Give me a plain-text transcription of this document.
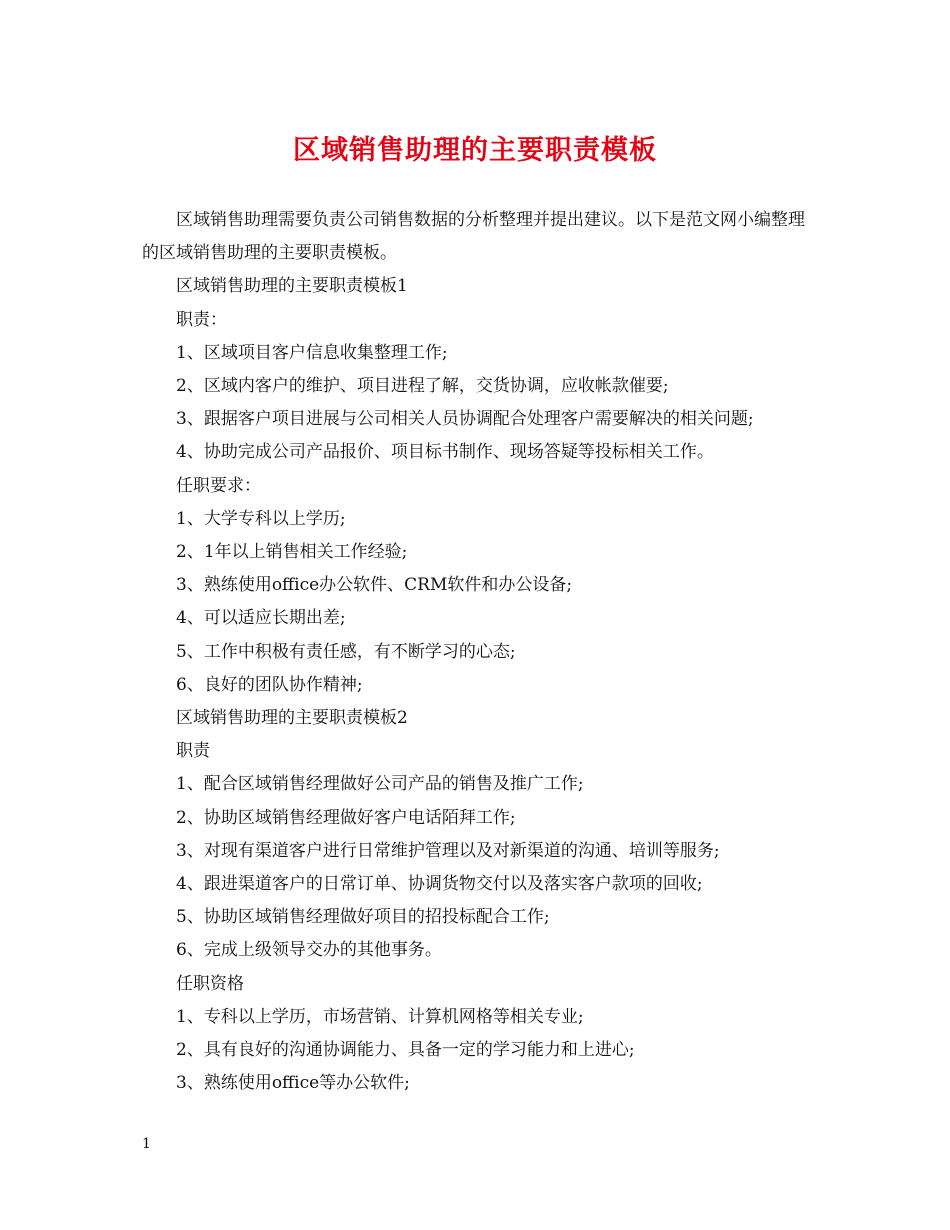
区域销售助理的主要职责模板

区域销售助理需要负责公司销售数据的分析整理并提出建议。以下是范文网小编整理的区域销售助理的主要职责模板。

区域销售助理的主要职责模板1

职责：

1、区域项目客户信息收集整理工作;

2、区域内客户的维护、项目进程了解，交货协调，应收帐款催要;

3、跟据客户项目进展与公司相关人员协调配合处理客户需要解决的相关问题;

4、协助完成公司产品报价、项目标书制作、现场答疑等投标相关工作。

任职要求：

1、大学专科以上学历;

2、1年以上销售相关工作经验;

3、熟练使用office办公软件、CRM软件和办公设备;

4、可以适应长期出差;

5、工作中积极有责任感，有不断学习的心态;

6、良好的团队协作精神;

区域销售助理的主要职责模板2

职责

1、配合区域销售经理做好公司产品的销售及推广工作;

2、协助区域销售经理做好客户电话陌拜工作;

3、对现有渠道客户进行日常维护管理以及对新渠道的沟通、培训等服务;

4、跟进渠道客户的日常订单、协调货物交付以及落实客户款项的回收;

5、协助区域销售经理做好项目的招投标配合工作;

6、完成上级领导交办的其他事务。

任职资格

1、专科以上学历，市场营销、计算机网格等相关专业;

2、具有良好的沟通协调能力、具备一定的学习能力和上进心;

3、熟练使用office等办公软件;

1
